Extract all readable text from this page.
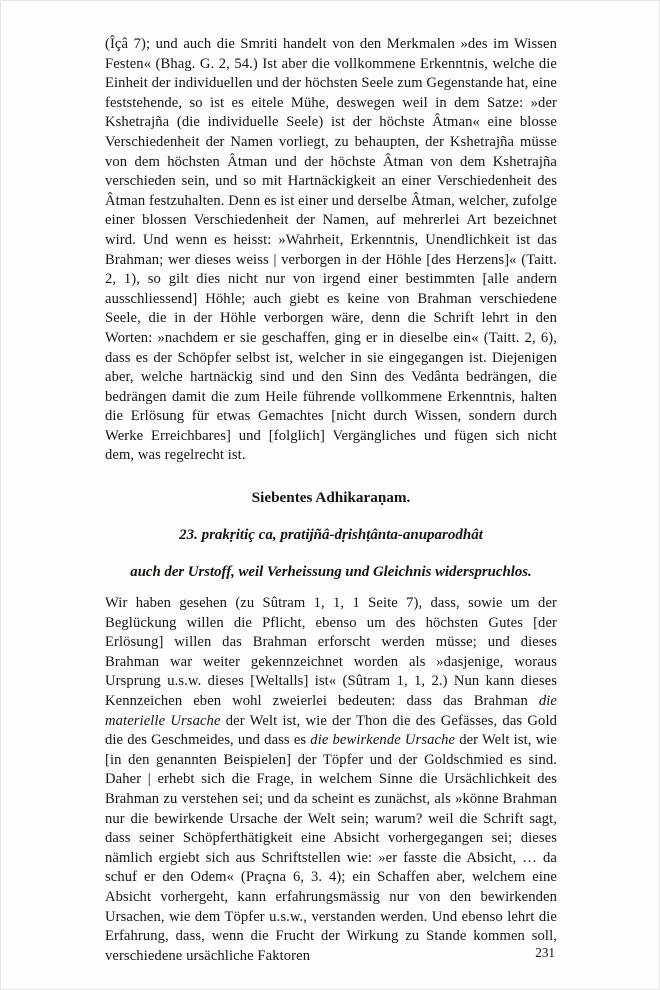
(Îçâ 7); und auch die Smriti handelt von den Merkmalen »des im Wissen Festen« (Bhag. G. 2, 54.) Ist aber die vollkommene Erkenntnis, welche die Einheit der individuellen und der höchsten Seele zum Gegenstande hat, eine feststehende, so ist es eitele Mühe, deswegen weil in dem Satze: »der Kshetrajña (die individuelle Seele) ist der höchste Âtman« eine blosse Verschiedenheit der Namen vorliegt, zu behaupten, der Kshetrajña müsse von dem höchsten Âtman und der höchste Âtman von dem Kshetrajña verschieden sein, und so mit Hartnäckigkeit an einer Verschiedenheit des Âtman festzuhalten. Denn es ist einer und derselbe Âtman, welcher, zufolge einer blossen Verschiedenheit der Namen, auf mehrerlei Art bezeichnet wird. Und wenn es heisst: »Wahrheit, Erkenntnis, Unendlichkeit ist das Brahman; wer dieses weiss | verborgen in der Höhle [des Herzens]« (Taitt. 2, 1), so gilt dies nicht nur von irgend einer bestimmten [alle andern ausschliessend] Höhle; auch giebt es keine von Brahman verschiedene Seele, die in der Höhle verborgen wäre, denn die Schrift lehrt in den Worten: »nachdem er sie geschaffen, ging er in dieselbe ein« (Taitt. 2, 6), dass es der Schöpfer selbst ist, welcher in sie eingegangen ist. Diejenigen aber, welche hartnäckig sind und den Sinn des Vedânta bedrängen, die bedrängen damit die zum Heile führende vollkommene Erkenntnis, halten die Erlösung für etwas Gemachtes [nicht durch Wissen, sondern durch Werke Erreichbares] und [folglich] Vergängliches und fügen sich nicht dem, was regelrecht ist.

Siebentes Adhikaraṇam.

23. prakṛitiç ca, pratijñâ-dṛishṭânta-anuparodhât

auch der Urstoff, weil Verheissung und Gleichnis widerspruchlos.

Wir haben gesehen (zu Sûtram 1, 1, 1 Seite 7), dass, sowie um der Beglückung willen die Pflicht, ebenso um des höchsten Gutes [der Erlösung] willen das Brahman erforscht werden müsse; und dieses Brahman war weiter gekennzeichnet worden als »dasjenige, woraus Ursprung u.s.w. dieses [Weltalls] ist« (Sûtram 1, 1, 2.) Nun kann dieses Kennzeichen eben wohl zweierlei bedeuten: dass das Brahman die materielle Ursache der Welt ist, wie der Thon die des Gefässes, das Gold die des Geschmeides, und dass es die bewirkende Ursache der Welt ist, wie [in den genannten Beispielen] der Töpfer und der Goldschmied es sind. Daher | erhebt sich die Frage, in welchem Sinne die Ursächlichkeit des Brahman zu verstehen sei; und da scheint es zunächst, als »könne Brahman nur die bewirkende Ursache der Welt sein; warum? weil die Schrift sagt, dass seiner Schöpferthätigkeit eine Absicht vorhergegangen sei; dieses nämlich ergiebt sich aus Schriftstellen wie: »er fasste die Absicht, … da schuf er den Odem« (Praçna 6, 3. 4); ein Schaffen aber, welchem eine Absicht vorhergeht, kann erfahrungsmässig nur von den bewirkenden Ursachen, wie dem Töpfer u.s.w., verstanden werden. Und ebenso lehrt die Erfahrung, dass, wenn die Frucht der Wirkung zu Stande kommen soll, verschiedene ursächliche Faktoren	231
